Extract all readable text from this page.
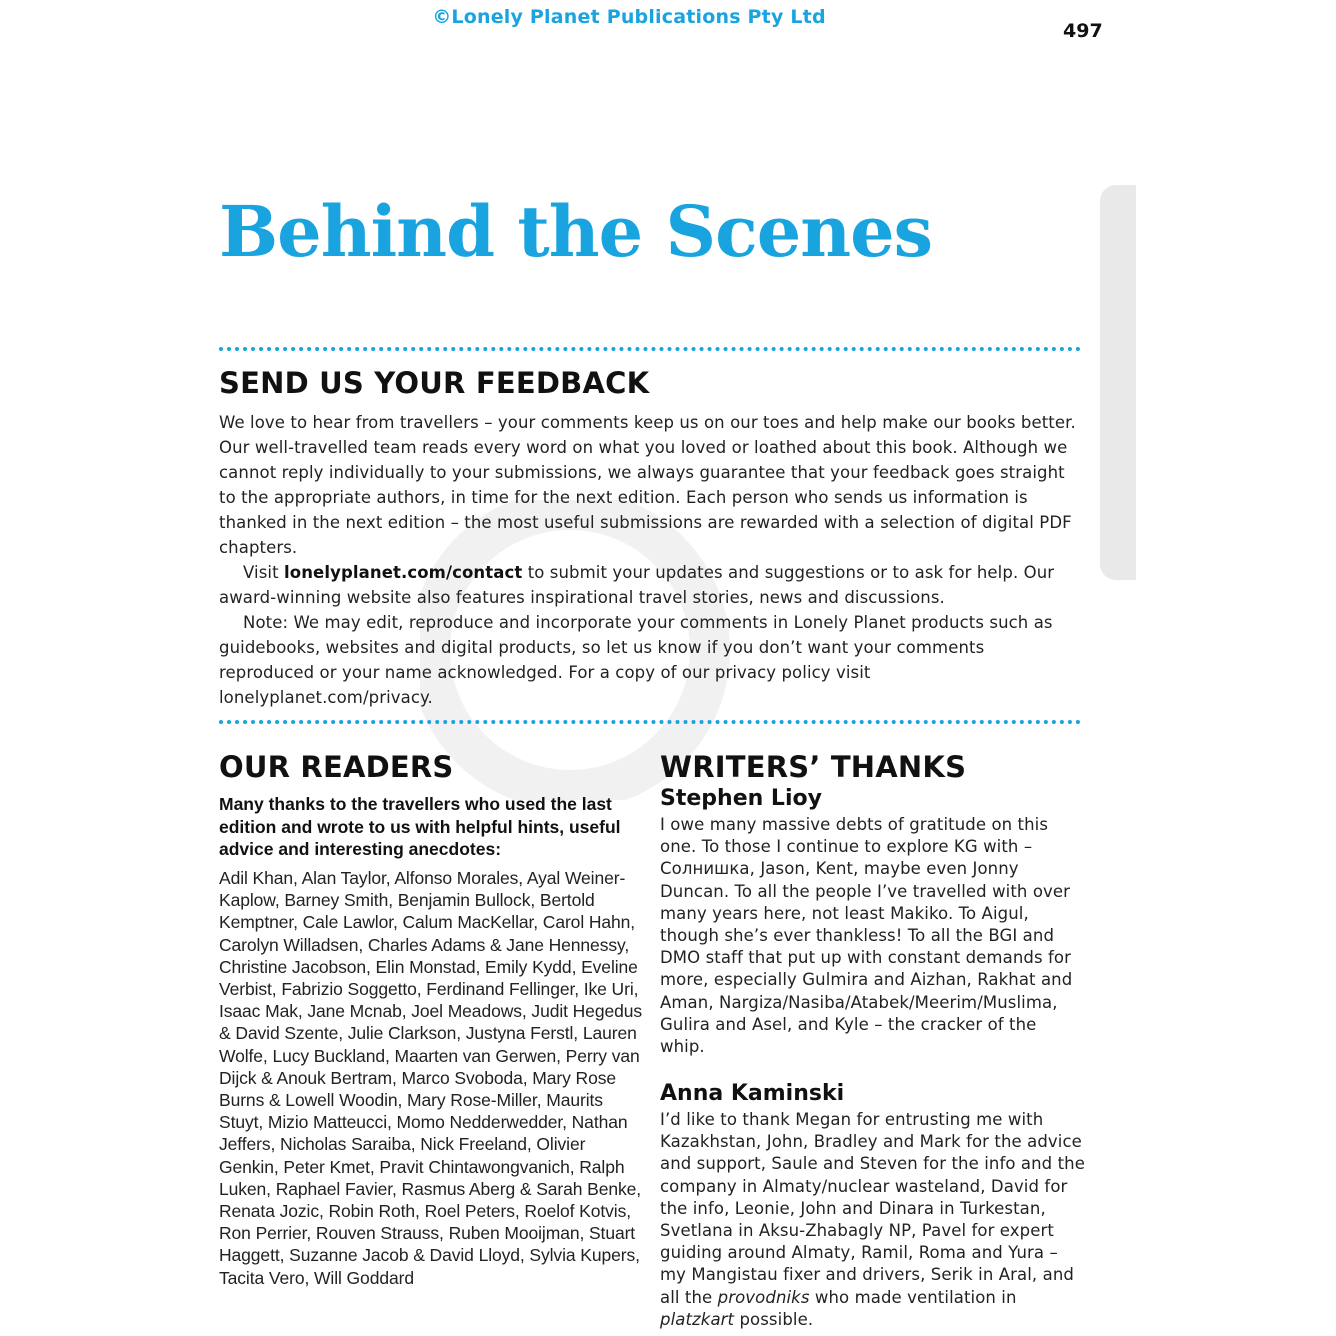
©Lonely Planet Publications Pty Ltd
497
Behind the Scenes
SEND US YOUR FEEDBACK

We love to hear from travellers – your comments keep us on our toes and help make our books better. Our well-travelled team reads every word on what you loved or loathed about this book. Although we cannot reply individually to your submissions, we always guarantee that your feedback goes straight to the appropriate authors, in time for the next edition. Each person who sends us information is thanked in the next edition – the most useful submissions are rewarded with a selection of digital PDF chapters.

Visit lonelyplanet.com/contact to submit your updates and suggestions or to ask for help. Our award-winning website also features inspirational travel stories, news and discussions.

Note: We may edit, reproduce and incorporate your comments in Lonely Planet products such as guidebooks, websites and digital products, so let us know if you don’t want your comments reproduced or your name acknowledged. For a copy of our privacy policy visit lonelyplanet.com/privacy.

OUR READERS

Many thanks to the travellers who used the last edition and wrote to us with helpful hints, useful advice and interesting anecdotes:

Adil Khan, Alan Taylor, Alfonso Morales, Ayal Weiner-Kaplow, Barney Smith, Benjamin Bullock, Bertold Kemptner, Cale Lawlor, Calum MacKellar, Carol Hahn, Carolyn Willadsen, Charles Adams & Jane Hennessy, Christine Jacobson, Elin Monstad, Emily Kydd, Eveline Verbist, Fabrizio Soggetto, Ferdinand Fellinger, Ike Uri, Isaac Mak, Jane Mcnab, Joel Meadows, Judit Hegedus & David Szente, Julie Clarkson, Justyna Ferstl, Lauren Wolfe, Lucy Buckland, Maarten van Gerwen, Perry van Dijck & Anouk Bertram, Marco Svoboda, Mary Rose Burns & Lowell Woodin, Mary Rose-Miller, Maurits Stuyt, Mizio Matteucci, Momo Nedderwedder, Nathan Jeffers, Nicholas Saraiba, Nick Freeland, Olivier Genkin, Peter Kmet, Pravit Chintawongvanich, Ralph Luken, Raphael Favier, Rasmus Aberg & Sarah Benke, Renata Jozic, Robin Roth, Roel Peters, Roelof Kotvis, Ron Perrier, Rouven Strauss, Ruben Mooijman, Stuart Haggett, Suzanne Jacob & David Lloyd, Sylvia Kupers, Tacita Vero, Will Goddard

WRITERS’ THANKS
Stephen Lioy

I owe many massive debts of gratitude on this one. To those I continue to explore KG with – Солнишка, Jason, Kent, maybe even Jonny Duncan. To all the people I’ve travelled with over many years here, not least Makiko. To Aigul, though she’s ever thankless! To all the BGI and DMO staff that put up with constant demands for more, especially Gulmira and Aizhan, Rakhat and Aman, Nargiza/Nasiba/Atabek/Meerim/Muslima, Gulira and Asel, and Kyle – the cracker of the whip.

Anna Kaminski

I’d like to thank Megan for entrusting me with Kazakhstan, John, Bradley and Mark for the advice and support, Saule and Steven for the info and the company in Almaty/nuclear wasteland, David for the info, Leonie, John and Dinara in Turkestan, Svetlana in Aksu-Zhabagly NP, Pavel for expert guiding around Almaty, Ramil, Roma and Yura – my Mangistau fixer and drivers, Serik in Aral, and all the provodniks who made ventilation in platzkart possible.
